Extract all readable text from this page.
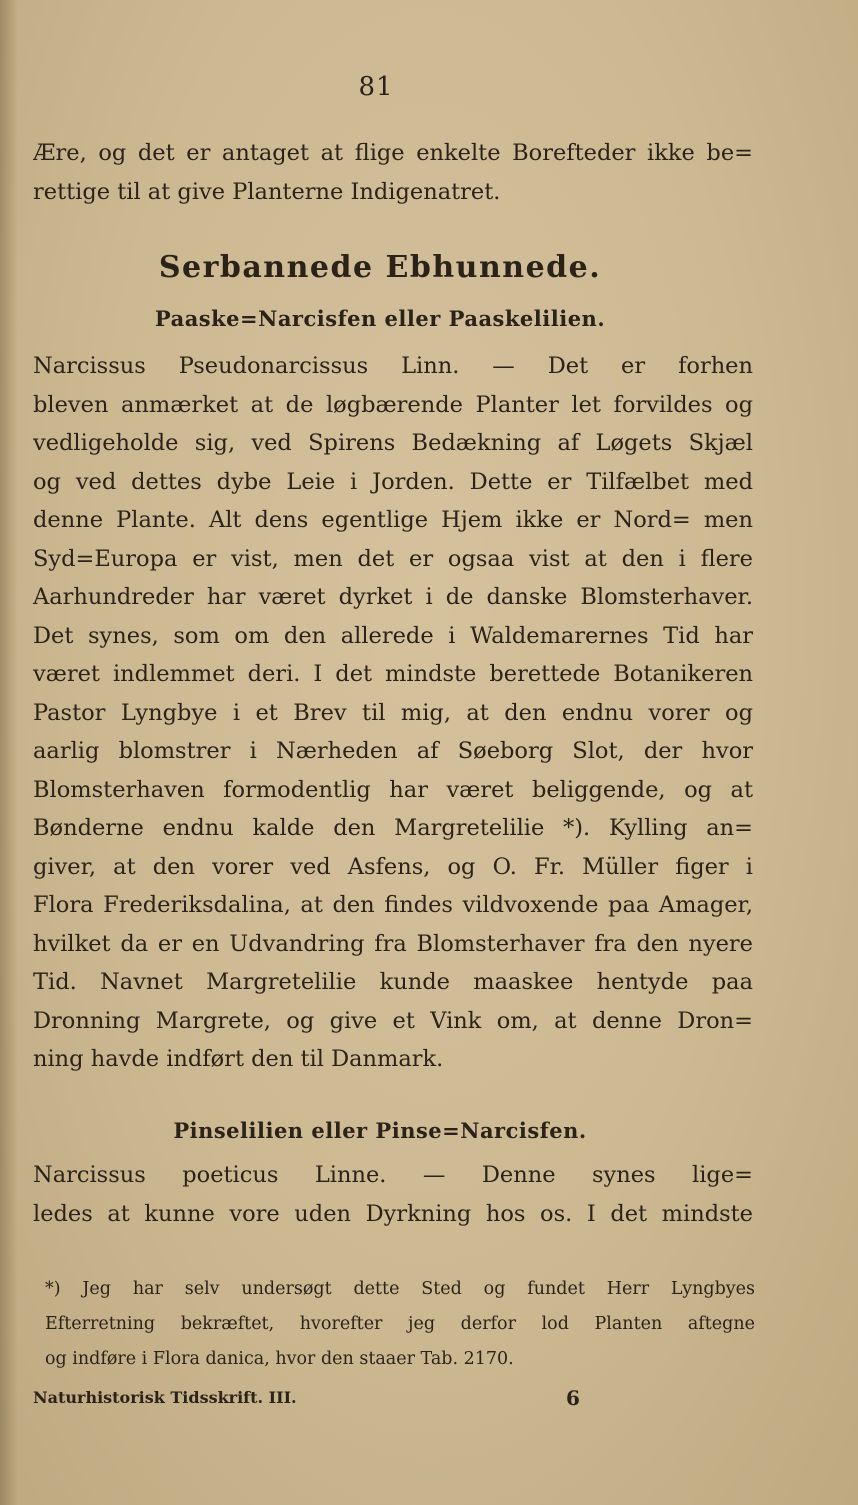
81
Ære, og det er antaget at flige enkelte Borefteder ikke be=
rettige til at give Planterne Indigenatret.
Serbannede Ebhunnede.
Paaske=Narcisfen eller Paaskelilien.
Narcissus Pseudonarcissus Linn. — Det er forhen
bleven anmærket at de løgbærende Planter let forvildes og
vedligeholde sig, ved Spirens Bedækning af Løgets Skjæl
og ved dettes dybe Leie i Jorden. Dette er Tilfælbet med
denne Plante. Alt dens egentlige Hjem ikke er Nord= men
Syd=Europa er vist, men det er ogsaa vist at den i flere
Aarhundreder har været dyrket i de danske Blomsterhaver.
Det synes, som om den allerede i Waldemarernes Tid har
været indlemmet deri. I det mindste berettede Botanikeren
Pastor Lyngbye i et Brev til mig, at den endnu vorer og
aarlig blomstrer i Nærheden af Søeborg Slot, der hvor
Blomsterhaven formodentlig har været beliggende, og at
Bønderne endnu kalde den Margretelilie *). Kylling an=
giver, at den vorer ved Asfens, og O. Fr. Müller figer i
Flora Frederiksdalina, at den findes vildvoxende paa Amager,
hvilket da er en Udvandring fra Blomsterhaver fra den nyere
Tid. Navnet Margretelilie kunde maaskee hentyde paa
Dronning Margrete, og give et Vink om, at denne Dron=
ning havde indført den til Danmark.
Pinselilien eller Pinse=Narcisfen.
Narcissus poeticus Linne. — Denne synes lige=
ledes at kunne vore uden Dyrkning hos os. I det mindste
*) Jeg har selv undersøgt dette Sted og fundet Herr Lyngbyes
Efterretning bekræftet, hvorefter jeg derfor lod Planten aftegne
og indføre i Flora danica, hvor den staaer Tab. 2170.
Naturhistorisk Tidsskrift. III.	6
